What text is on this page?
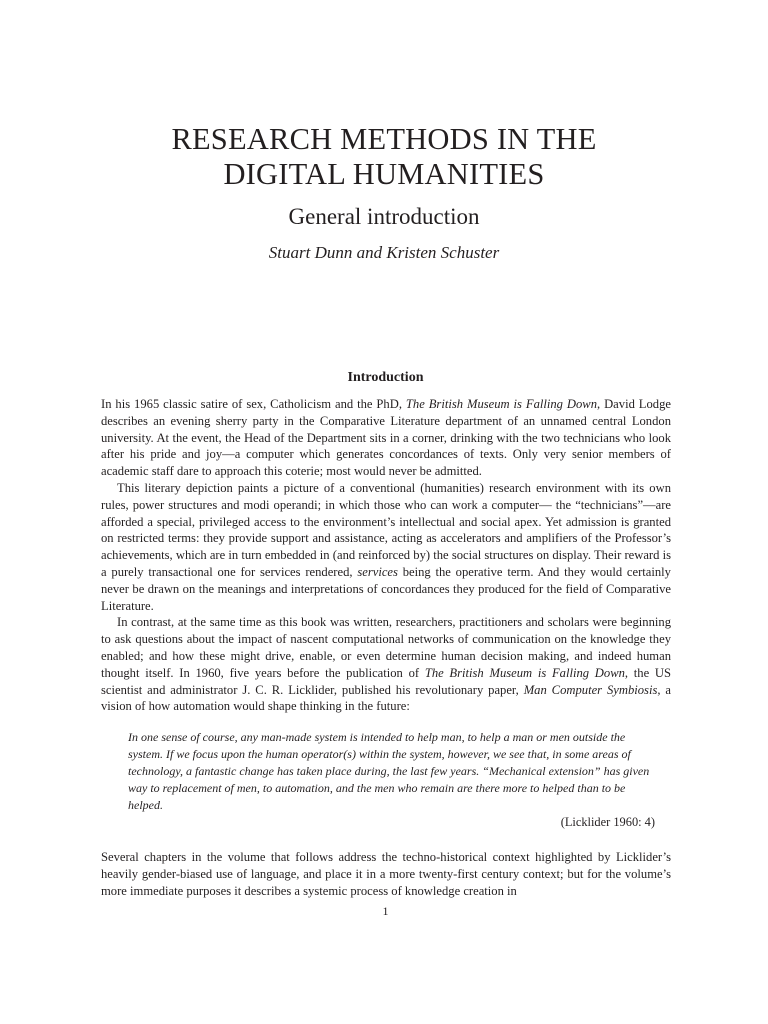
RESEARCH METHODS IN THE
DIGITAL HUMANITIES
General introduction
Stuart Dunn and Kristen Schuster
Introduction

In his 1965 classic satire of sex, Catholicism and the PhD, The British Museum is Falling Down, David Lodge describes an evening sherry party in the Comparative Literature department of an unnamed central London university. At the event, the Head of the Department sits in a corner, drinking with the two technicians who look after his pride and joy—a computer which generates concordances of texts. Only very senior members of academic staff dare to approach this coterie; most would never be admitted.

This literary depiction paints a picture of a conventional (humanities) research environment with its own rules, power structures and modi operandi; in which those who can work a computer— the “technicians”—are afforded a special, privileged access to the environment’s intellectual and social apex. Yet admission is granted on restricted terms: they provide support and assistance, acting as accelerators and amplifiers of the Professor’s achievements, which are in turn embedded in (and reinforced by) the social structures on display. Their reward is a purely transactional one for services rendered, services being the operative term. And they would certainly never be drawn on the meanings and interpretations of concordances they produced for the field of Comparative Literature.

In contrast, at the same time as this book was written, researchers, practitioners and scholars were beginning to ask questions about the impact of nascent computational networks of communication on the knowledge they enabled; and how these might drive, enable, or even determine human decision making, and indeed human thought itself. In 1960, five years before the publication of The British Museum is Falling Down, the US scientist and administrator J. C. R. Licklider, published his revolutionary paper, Man Computer Symbiosis, a vision of how automation would shape thinking in the future:

In one sense of course, any man-made system is intended to help man, to help a man or men outside the system. If we focus upon the human operator(s) within the system, however, we see that, in some areas of technology, a fantastic change has taken place during, the last few years. “Mechanical extension” has given way to replacement of men, to automation, and the men who remain are there more to helped than to be helped.
(Licklider 1960: 4)

Several chapters in the volume that follows address the techno-historical context highlighted by Licklider’s heavily gender-biased use of language, and place it in a more twenty-first century context; but for the volume’s more immediate purposes it describes a systemic process of knowledge creation in

1
